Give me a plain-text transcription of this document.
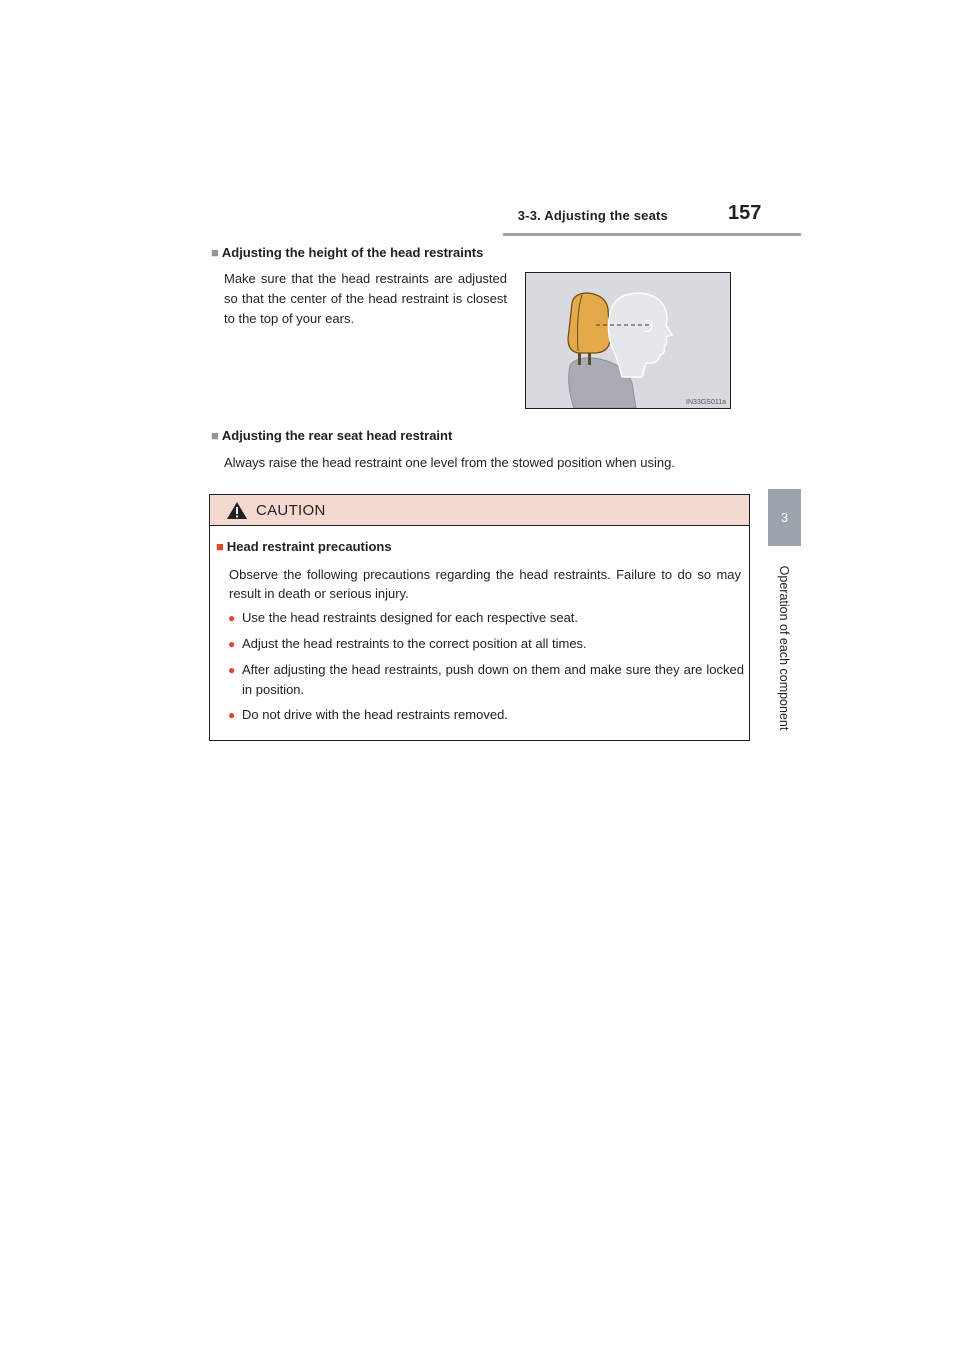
3-3. Adjusting the seats	157
3
Operation of each component
■ Adjusting the height of the head restraints
Make sure that the head restraints are adjusted so that the center of the head restraint is closest to the top of your ears.
IN33GS011a
■ Adjusting the rear seat head restraint
Always raise the head restraint one level from the stowed position when using.
CAUTION
■ Head restraint precautions
Observe the following precautions regarding the head restraints. Failure to do so may result in death or serious injury.
● Use the head restraints designed for each respective seat.
● Adjust the head restraints to the correct position at all times.
● After adjusting the head restraints, push down on them and make sure they are locked in position.
● Do not drive with the head restraints removed.
